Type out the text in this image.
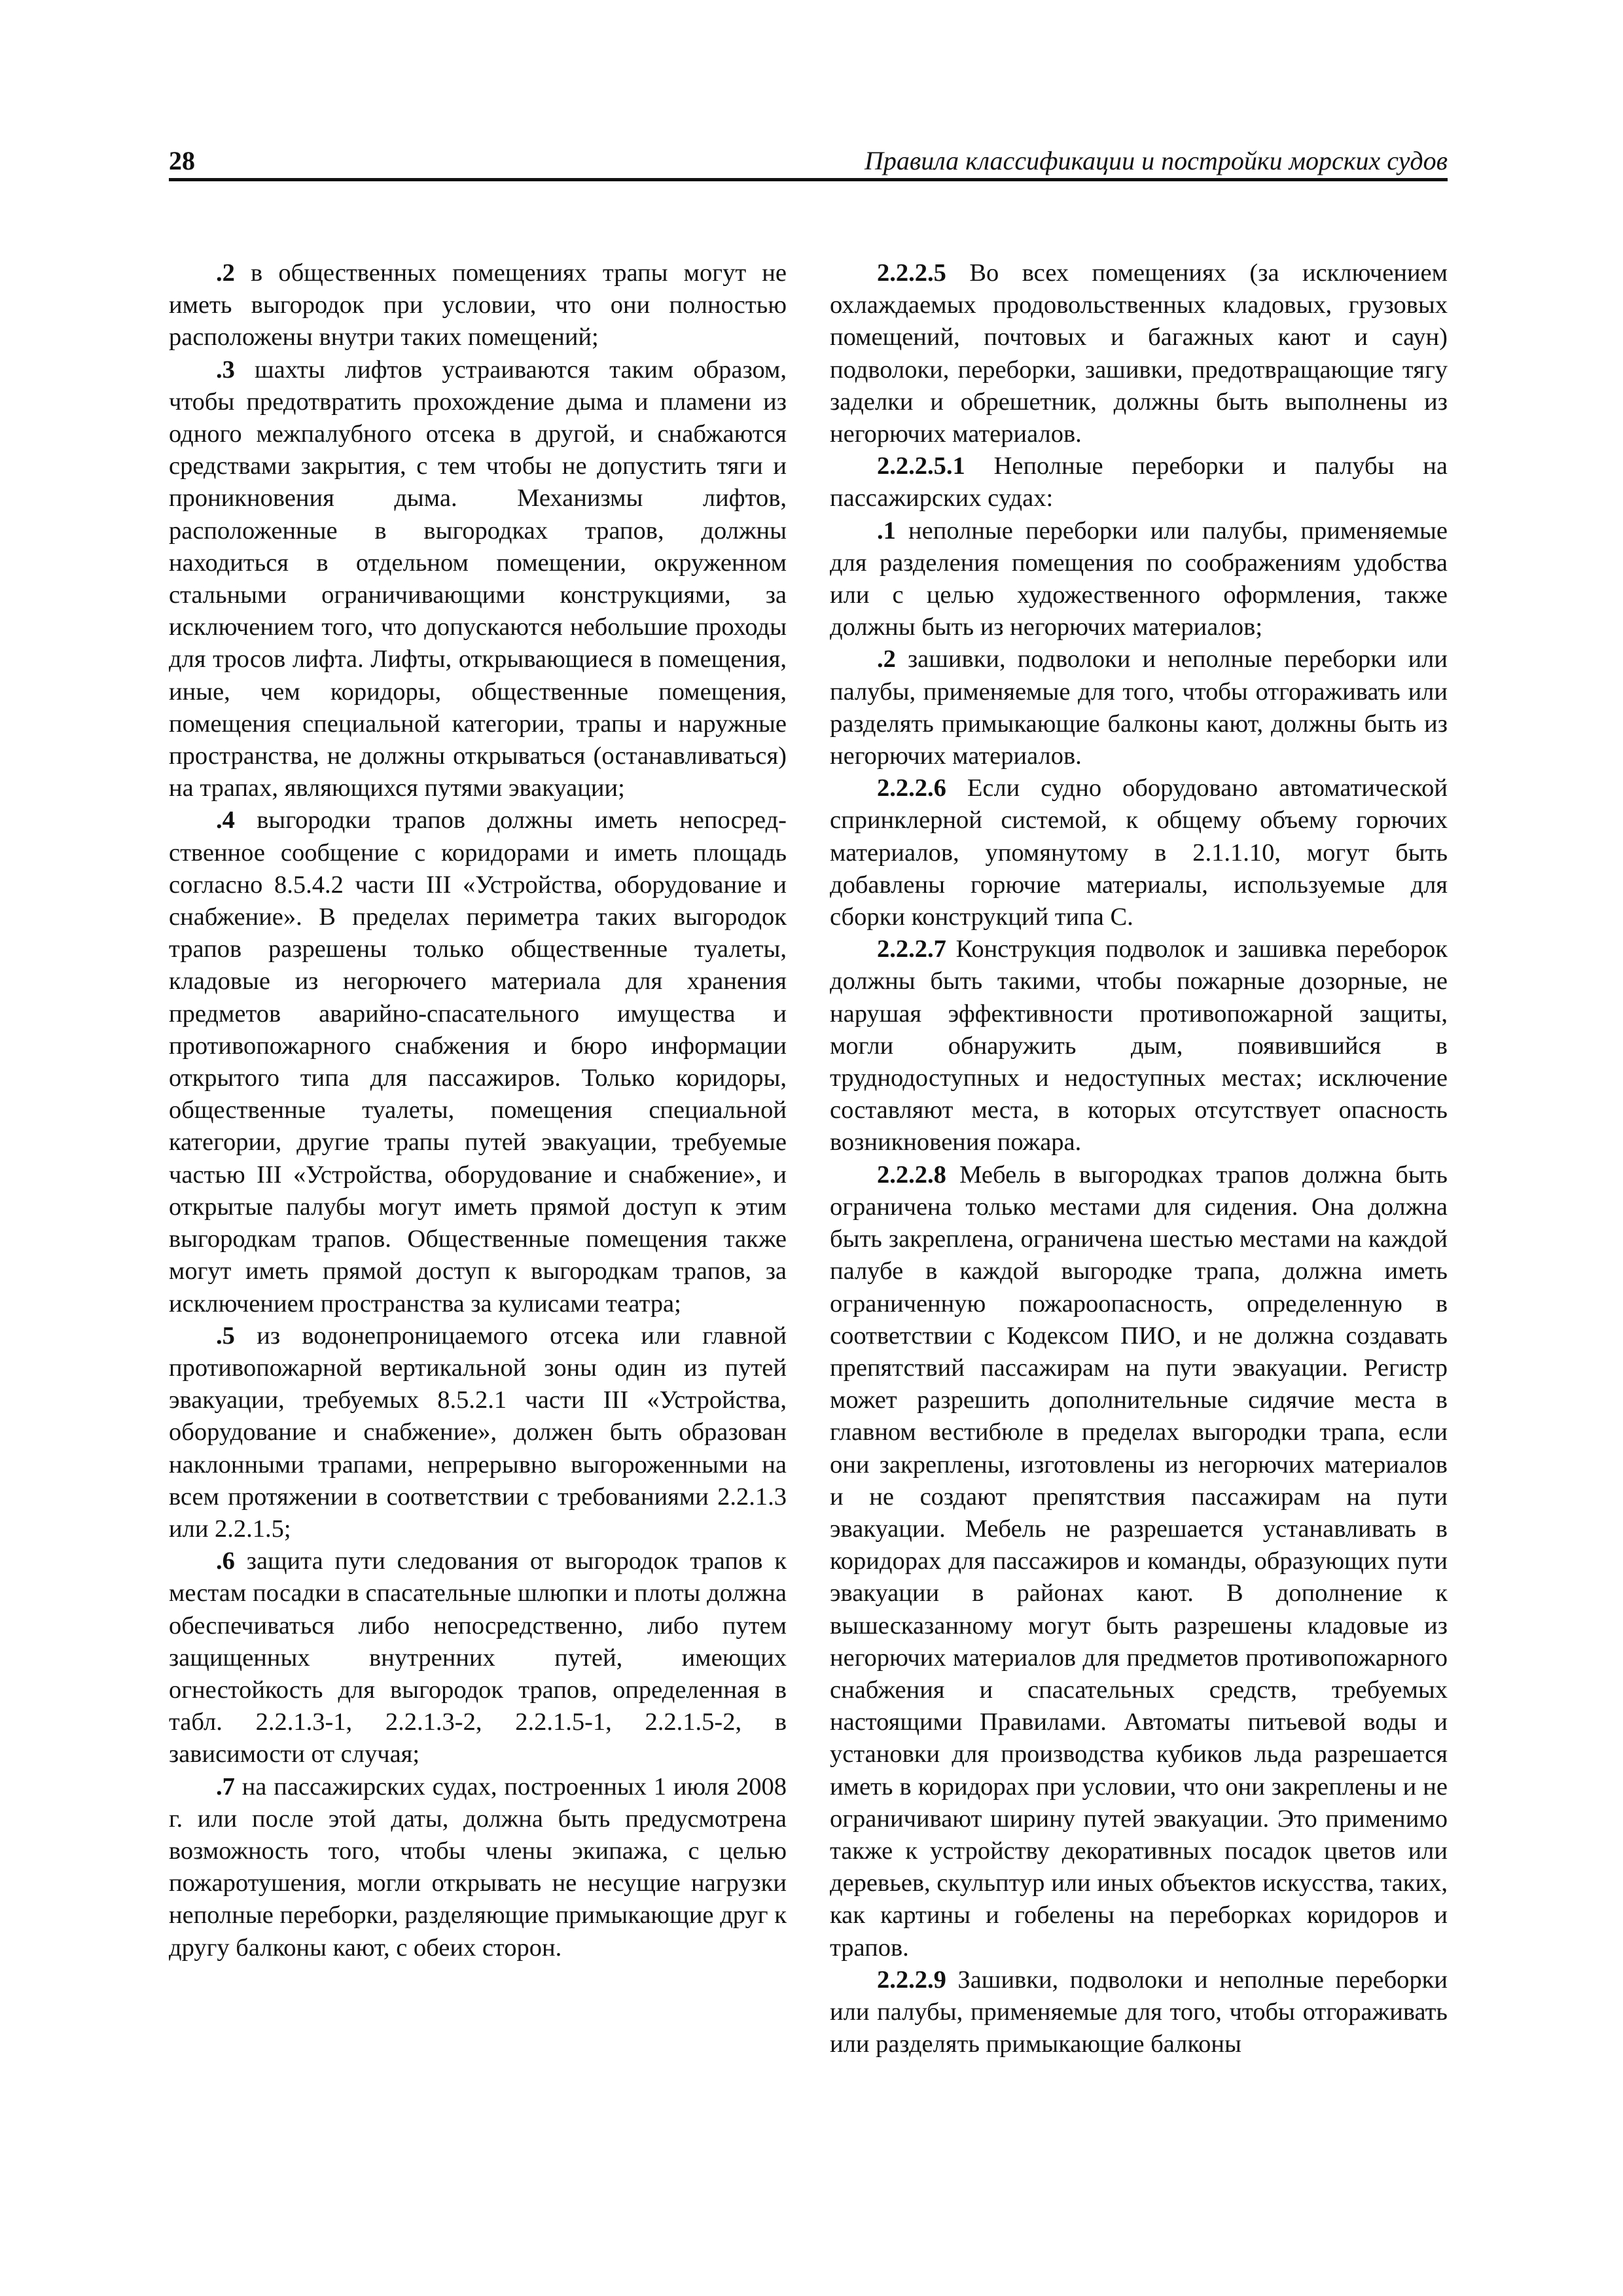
28	Правила классификации и постройки морских судов

.2 в общественных помещениях трапы могут не иметь выгородок при условии, что они полностью расположены внутри таких помещений;

.3 шахты лифтов устраиваются таким образом, чтобы предотвратить прохождение дыма и пламени из одного межпалубного отсека в другой, и снабжаются средствами закрытия, с тем чтобы не допустить тяги и проникновения дыма. Механизмы лифтов, расположенные в выгородках трапов, должны находиться в отдельном помещении, окруженном стальными ограничивающими конструкциями, за исключением того, что допускаются небольшие проходы для тросов лифта. Лифты, открывающиеся в помещения, иные, чем коридоры, общественные помещения, помещения специальной категории, трапы и наружные пространства, не должны открываться (останавливаться) на трапах, являющихся путями эвакуации;

.4 выгородки трапов должны иметь непосредственное сообщение с коридорами и иметь площадь согласно 8.5.4.2 части III «Устройства, оборудование и снабжение». В пределах периметра таких выгородок трапов разрешены только общественные туалеты, кладовые из негорючего материала для хранения предметов аварийно-спасательного имущества и противопожарного снабжения и бюро информации открытого типа для пассажиров. Только коридоры, общественные туалеты, помещения специальной категории, другие трапы путей эвакуации, требуемые частью III «Устройства, оборудование и снабжение», и открытые палубы могут иметь прямой доступ к этим выгородкам трапов. Общественные помещения также могут иметь прямой доступ к выгородкам трапов, за исключением пространства за кулисами театра;

.5 из водонепроницаемого отсека или главной противопожарной вертикальной зоны один из путей эвакуации, требуемых 8.5.2.1 части III «Устройства, оборудование и снабжение», должен быть образован наклонными трапами, непрерывно выгороженными на всем протяжении в соответствии с требованиями 2.2.1.3 или 2.2.1.5;

.6 защита пути следования от выгородок трапов к местам посадки в спасательные шлюпки и плоты должна обеспечиваться либо непосредственно, либо путем защищенных внутренних путей, имеющих огнестойкость для выгородок трапов, определенная в табл. 2.2.1.3-1, 2.2.1.3-2, 2.2.1.5-1, 2.2.1.5-2, в зависимости от случая;

.7 на пассажирских судах, построенных 1 июля 2008 г. или после этой даты, должна быть предусмотрена возможность того, чтобы члены экипажа, с целью пожаротушения, могли открывать не несущие нагрузки неполные переборки, разделяющие примыкающие друг к другу балконы кают, с обеих сторон.

2.2.2.5 Во всех помещениях (за исключением охлаждаемых продовольственных кладовых, грузовых помещений, почтовых и багажных кают и саун) подволоки, переборки, зашивки, предотвращающие тягу заделки и обрешетник, должны быть выполнены из негорючих материалов.

2.2.2.5.1 Неполные переборки и палубы на пассажирских судах:

.1 неполные переборки или палубы, применяемые для разделения помещения по соображениям удобства или с целью художественного оформления, также должны быть из негорючих материалов;

.2 зашивки, подволоки и неполные переборки или палубы, применяемые для того, чтобы отгораживать или разделять примыкающие балконы кают, должны быть из негорючих материалов.

2.2.2.6 Если судно оборудовано автоматической спринклерной системой, к общему объему горючих материалов, упомянутому в 2.1.1.10, могут быть добавлены горючие материалы, используемые для сборки конструкций типа С.

2.2.2.7 Конструкция подволок и зашивка переборок должны быть такими, чтобы пожарные дозорные, не нарушая эффективности противопожарной защиты, могли обнаружить дым, появившийся в труднодоступных и недоступных местах; исключение составляют места, в которых отсутствует опасность возникновения пожара.

2.2.2.8 Мебель в выгородках трапов должна быть ограничена только местами для сидения. Она должна быть закреплена, ограничена шестью местами на каждой палубе в каждой выгородке трапа, должна иметь ограниченную пожароопасность, определенную в соответствии с Кодексом ПИО, и не должна создавать препятствий пассажирам на пути эвакуации. Регистр может разрешить дополнительные сидячие места в главном вестибюле в пределах выгородки трапа, если они закреплены, изготовлены из негорючих материалов и не создают препятствия пассажирам на пути эвакуации. Мебель не разрешается устанавливать в коридорах для пассажиров и команды, образующих пути эвакуации в районах кают. В дополнение к вышесказанному могут быть разрешены кладовые из негорючих материалов для предметов противопожарного снабжения и спасательных средств, требуемых настоящими Правилами. Автоматы питьевой воды и установки для производства кубиков льда разрешается иметь в коридорах при условии, что они закреплены и не ограничивают ширину путей эвакуации. Это применимо также к устройству декоративных посадок цветов или деревьев, скульптур или иных объектов искусства, таких, как картины и гобелены на переборках коридоров и трапов.

2.2.2.9 Зашивки, подволоки и неполные переборки или палубы, применяемые для того, чтобы отгораживать или разделять примыкающие балконы
